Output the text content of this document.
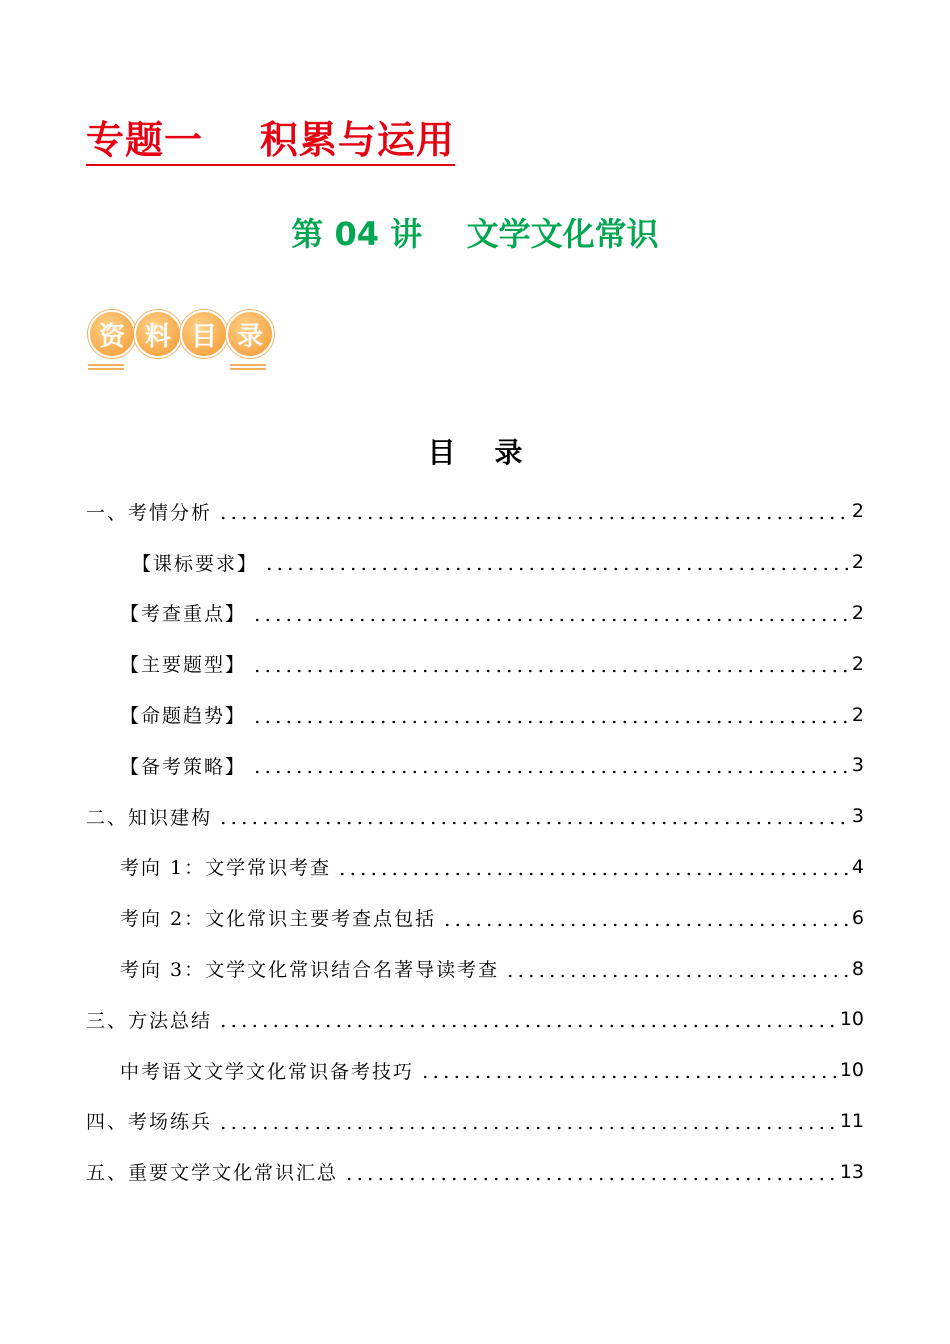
专题一    积累与运用
第 04 讲    文学文化常识
资 料 目 录
目    录
一、考情分析	2
【课标要求】	2
【考查重点】	2
【主要题型】	2
【命题趋势】	2
【备考策略】	3
二、知识建构	3
考向 1：文学常识考查	4
考向 2：文化常识主要考查点包括	6
考向 3：文学文化常识结合名著导读考查	8
三、方法总结	10
中考语文文学文化常识备考技巧	10
四、考场练兵	11
五、重要文学文化常识汇总	13
